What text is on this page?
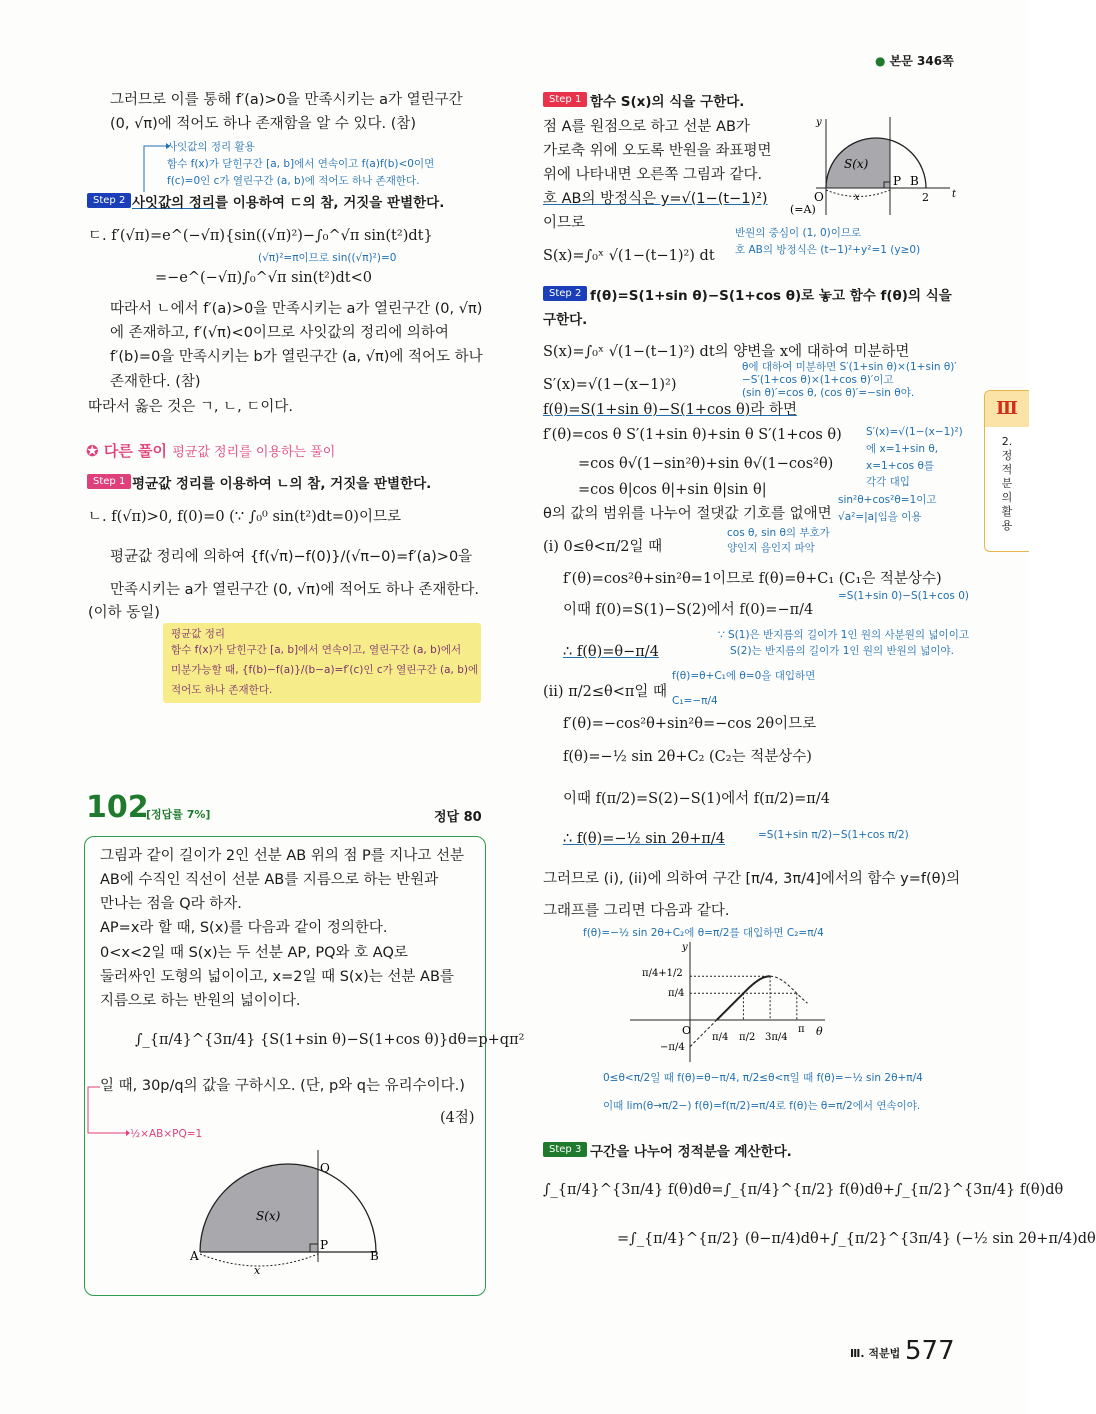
● 본문 346쪽
Ⅲ
2.정적분의활용
그러므로 이를 통해 f′(a)>0을 만족시키는 a가 열린구간
(0, √π)에 적어도 하나 존재함을 알 수 있다. (참)
사잇값의 정리 활용
함수 f(x)가 닫힌구간 [a, b]에서 연속이고 f(a)f(b)<0이면
f(c)=0인 c가 열린구간 (a, b)에 적어도 하나 존재한다.
Step 2 사잇값의 정리를 이용하여 ㄷ의 참, 거짓을 판별한다.
ㄷ. f′(√π)=e^(−√π){sin((√π)²)−∫₀^√π sin(t²)dt}
(√π)²=π이므로 sin((√π)²)=0
=−e^(−√π)∫₀^√π sin(t²)dt<0
따라서 ㄴ에서 f′(a)>0을 만족시키는 a가 열린구간 (0, √π)
에 존재하고, f′(√π)<0이므로 사잇값의 정리에 의하여
f′(b)=0을 만족시키는 b가 열린구간 (a, √π)에 적어도 하나
존재한다. (참)
따라서 옳은 것은 ㄱ, ㄴ, ㄷ이다.
✪ 다른 풀이 평균값 정리를 이용하는 풀이
Step 1 평균값 정리를 이용하여 ㄴ의 참, 거짓을 판별한다.
ㄴ. f(√π)>0, f(0)=0 (∵ ∫₀⁰ sin(t²)dt=0)이므로
평균값 정리에 의하여 {f(√π)−f(0)}/(√π−0)=f′(a)>0을
만족시키는 a가 열린구간 (0, √π)에 적어도 하나 존재한다.
(이하 동일)
평균값 정리
함수 f(x)가 닫힌구간 [a, b]에서 연속이고, 열린구간 (a, b)에서
미분가능할 때, {f(b)−f(a)}/(b−a)=f′(c)인 c가 열린구간 (a, b)에
적어도 하나 존재한다.
102
[정답률 7%]	정답 80
그림과 같이 길이가 2인 선분 AB 위의 점 P를 지나고 선분
AB에 수직인 직선이 선분 AB를 지름으로 하는 반원과
만나는 점을 Q라 하자.
AP=x라 할 때, S(x)를 다음과 같이 정의한다.
0<x<2일 때 S(x)는 두 선분 AP, PQ와 호 AQ로
둘러싸인 도형의 넓이이고, x=2일 때 S(x)는 선분 AB를
지름으로 하는 반원의 넓이이다.
∫_{π/4}^{3π/4} {S(1+sin θ)−S(1+cos θ)}dθ=p+qπ²
일 때, 30p/q의 값을 구하시오. (단, p와 q는 유리수이다.)
(4점)
½×AB×PQ=1
A	B
P
Q
S(x)
x
Step 1 함수 S(x)의 식을 구한다.
점 A를 원점으로 하고 선분 AB가
가로축 위에 오도록 반원을 좌표평면
위에 나타내면 오른쪽 그림과 같다.
호 AB의 방정식은 y=√(1−(t−1)²)
이므로
y
t
O
(=A)
S(x)
P B
2
x
반원의 중심이 (1, 0)이므로
호 AB의 방정식은 (t−1)²+y²=1 (y≥0)
S(x)=∫₀ˣ √(1−(t−1)²) dt
Step 2 f(θ)=S(1+sin θ)−S(1+cos θ)로 놓고 함수 f(θ)의 식을
구한다.
S(x)=∫₀ˣ √(1−(t−1)²) dt의 양변을 x에 대하여 미분하면
θ에 대하여 미분하면 S′(1+sin θ)×(1+sin θ)′
−S′(1+cos θ)×(1+cos θ)′이고
(sin θ)′=cos θ, (cos θ)′=−sin θ야.
S′(x)=√(1−(x−1)²)
f(θ)=S(1+sin θ)−S(1+cos θ)라 하면
f′(θ)=cos θ S′(1+sin θ)+sin θ S′(1+cos θ)
=cos θ√(1−sin²θ)+sin θ√(1−cos²θ)
=cos θ|cos θ|+sin θ|sin θ|
S′(x)=√(1−(x−1)²)
에 x=1+sin θ,
x=1+cos θ를
각각 대입
sin²θ+cos²θ=1이고
√a²=|a|임을 이용
θ의 값의 범위를 나누어 절댓값 기호를 없애면
cos θ, sin θ의 부호가
양인지 음인지 파악
(i) 0≤θ<π/2일 때
f′(θ)=cos²θ+sin²θ=1이므로 f(θ)=θ+C₁ (C₁은 적분상수)
=S(1+sin 0)−S(1+cos 0)
이때 f(0)=S(1)−S(2)에서 f(0)=−π/4
∵ S(1)은 반지름의 길이가 1인 원의 사분원의 넓이이고
S(2)는 반지름의 길이가 1인 원의 반원의 넓이야.
∴ f(θ)=θ−π/4
f(θ)=θ+C₁에 θ=0을 대입하면
C₁=−π/4
(ii) π/2≤θ<π일 때
f′(θ)=−cos²θ+sin²θ=−cos 2θ이므로
f(θ)=−½ sin 2θ+C₂ (C₂는 적분상수)
이때 f(π/2)=S(2)−S(1)에서 f(π/2)=π/4
∴ f(θ)=−½ sin 2θ+π/4	=S(1+sin π/2)−S(1+cos π/2)
그러므로 (i), (ii)에 의하여 구간 [π/4, 3π/4]에서의 함수 y=f(θ)의
그래프를 그리면 다음과 같다.
f(θ)=−½ sin 2θ+C₂에 θ=π/2를 대입하면 C₂=π/4
y
θ
O
π/4+1/2
π/4
−π/4
π/4 π/2 3π/4
π
0≤θ<π/2일 때 f(θ)=θ−π/4, π/2≤θ<π일 때 f(θ)=−½ sin 2θ+π/4
이때 lim(θ→π/2−) f(θ)=f(π/2)=π/4로 f(θ)는 θ=π/2에서 연속이야.
Step 3 구간을 나누어 정적분을 계산한다.
∫_{π/4}^{3π/4} f(θ)dθ=∫_{π/4}^{π/2} f(θ)dθ+∫_{π/2}^{3π/4} f(θ)dθ
=∫_{π/4}^{π/2} (θ−π/4)dθ+∫_{π/2}^{3π/4} (−½ sin 2θ+π/4)dθ
Ⅲ. 적분법 577
